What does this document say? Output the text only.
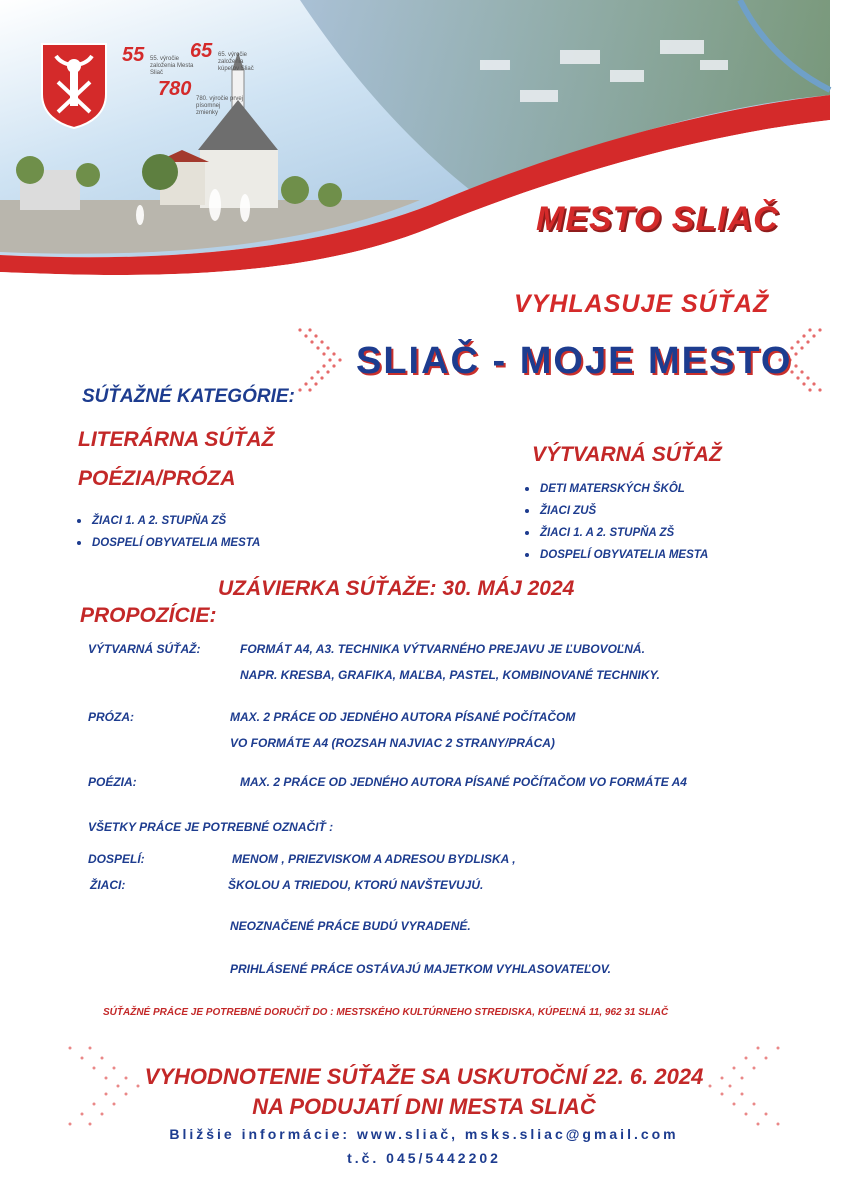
55 55. výročie založenia Mesta Sliač
65 65. výročie založenia kúpeľov Sliač
780 780. výročie prvej písomnej zmienky
MESTO SLIAČ
VYHLASUJE SÚŤAŽ
SLIAČ - MOJE MESTO
SÚŤAŽNÉ KATEGÓRIE:
LITERÁRNA SÚŤAŽ
POÉZIA/PRÓZA
ŽIACI 1. A 2. STUPŇA ZŠ
DOSPELÍ OBYVATELIA MESTA
VÝTVARNÁ SÚŤAŽ
DETI MATERSKÝCH ŠKÔL
ŽIACI ZUŠ
ŽIACI 1. A 2. STUPŇA ZŠ
DOSPELÍ OBYVATELIA MESTA
UZÁVIERKA SÚŤAŽE: 30. MÁJ 2024
PROPOZÍCIE:
VÝTVARNÁ SÚŤAŽ:	FORMÁT A4, A3. TECHNIKA VÝTVARNÉHO PREJAVU JE ĽUBOVOĽNÁ.
NAPR. KRESBA, GRAFIKA, MAĽBA, PASTEL, KOMBINOVANÉ TECHNIKY.
PRÓZA:	MAX. 2 PRÁCE OD JEDNÉHO AUTORA PÍSANÉ POČÍTAČOM
VO FORMÁTE A4 (ROZSAH NAJVIAC 2 STRANY/PRÁCA)
POÉZIA:	MAX. 2 PRÁCE OD JEDNÉHO AUTORA PÍSANÉ POČÍTAČOM VO FORMÁTE A4
VŠETKY PRÁCE JE POTREBNÉ OZNAČIŤ :
DOSPELÍ:	MENOM , PRIEZVISKOM A ADRESOU BYDLISKA ,
ŽIACI:	ŠKOLOU A TRIEDOU, KTORÚ NAVŠTEVUJÚ.
NEOZNAČENÉ PRÁCE BUDÚ VYRADENÉ.
PRIHLÁSENÉ PRÁCE OSTÁVAJÚ MAJETKOM VYHLASOVATEĽOV.
SÚŤAŽNÉ PRÁCE JE POTREBNÉ DORUČIŤ DO : MESTSKÉHO KULTÚRNEHO STREDISKA, KÚPEĽNÁ 11, 962 31 SLIAČ
VYHODNOTENIE SÚŤAŽE SA USKUTOČNÍ 22. 6. 2024
NA PODUJATÍ DNI MESTA SLIAČ
Bližšie informácie: www.sliač, msks.sliac@gmail.com
t.č. 045/5442202
